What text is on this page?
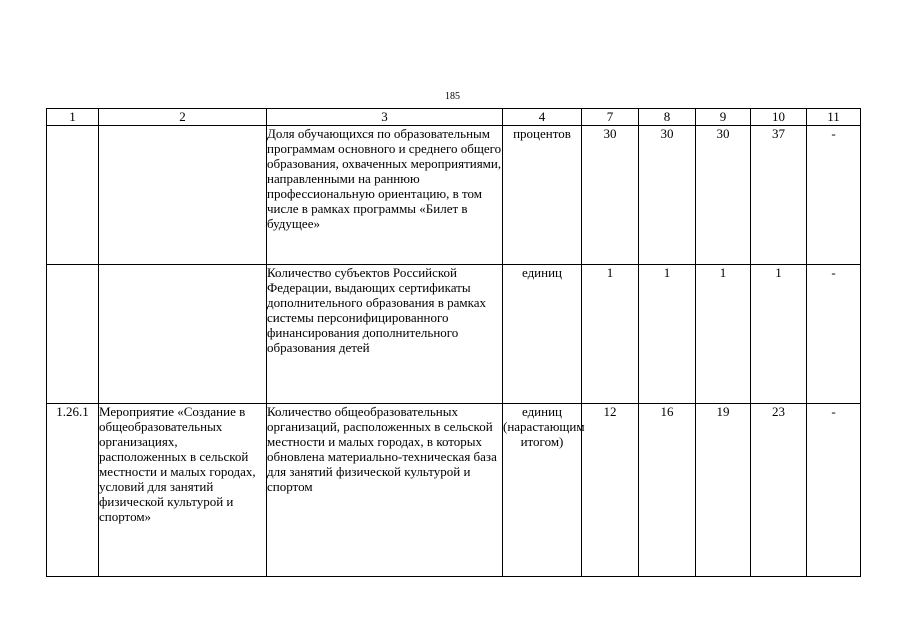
185
1	2	3	4	7	8	9	10	11
		Доля обучающихся по образовательным программам основного и среднего общего образования, охваченных мероприятиями, направленными на раннюю профессиональную ориентацию, в том числе в рамках программы «Билет в будущее»	процентов	30	30	30	37	-
		Количество субъектов Российской Федерации, выдающих сертификаты дополнительного образования в рамках системы персонифицированного финансирования дополнительного образования детей	единиц	1	1	1	1	-
1.26.1	Мероприятие «Создание в общеобразовательных организациях, расположенных в сельской местности и малых городах, условий для занятий физической культурой и спортом»	Количество общеобразовательных организаций, расположенных в сельской местности и малых городах, в которых обновлена материально-техническая база для занятий физической культурой и спортом	единиц (нарастающим итогом)	12	16	19	23	-
